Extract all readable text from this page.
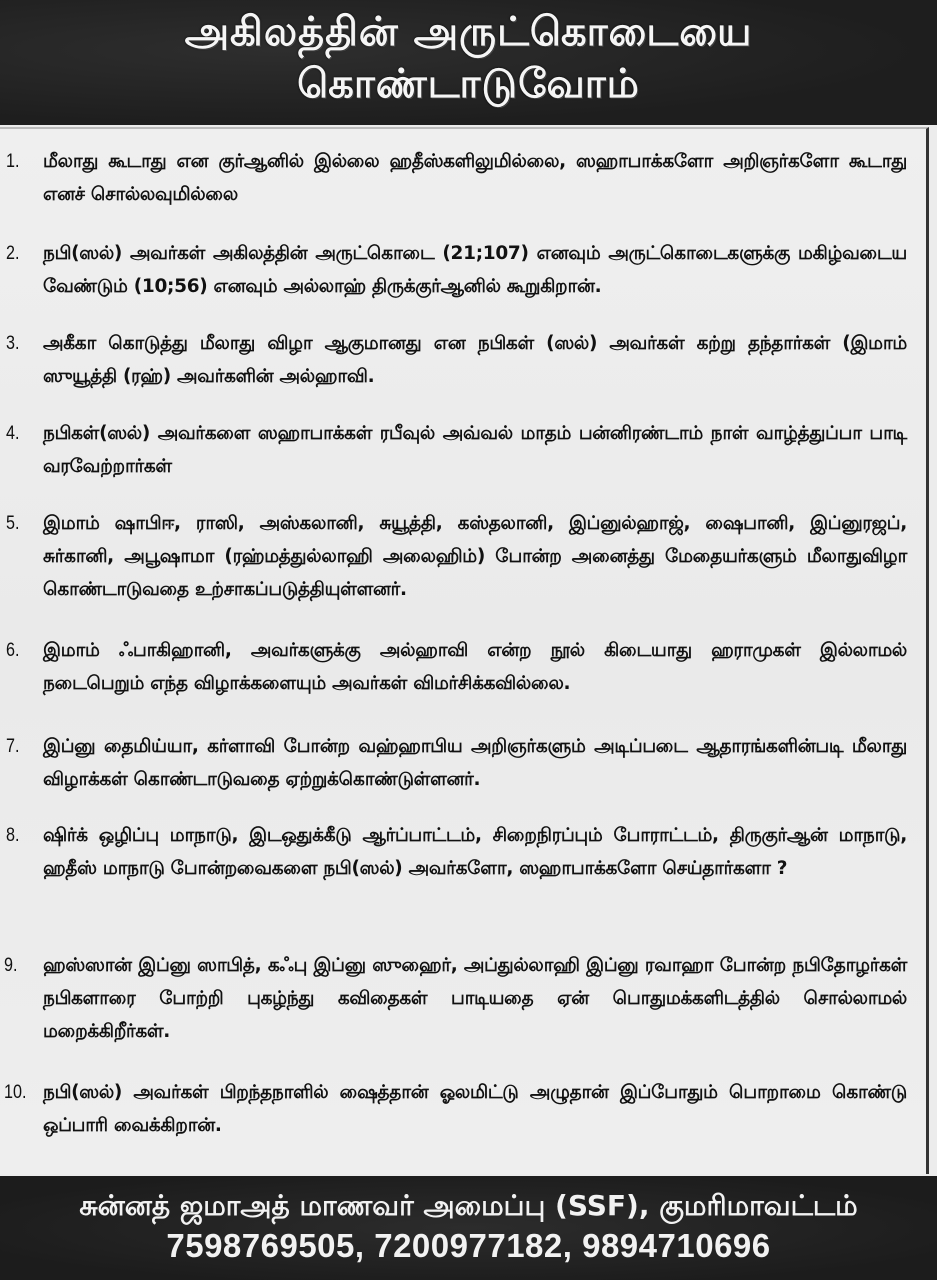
அகிலத்தின் அருட்கொடையை
கொண்டாடுவோம்
1.	மீலாது கூடாது என குர்ஆனில் இல்லை ஹதீஸ்களிலுமில்லை, ஸஹாபாக்களோ அறிஞர்களோ கூடாது எனச் சொல்லவுமில்லை
2.	நபி(ஸல்) அவர்கள் அகிலத்தின் அருட்கொடை (21;107) எனவும் அருட்கொடைகளுக்கு மகிழ்வடைய வேண்டும் (10;56) எனவும் அல்லாஹ் திருக்குர்ஆனில் கூறுகிறான்.
3.	அகீகா கொடுத்து மீலாது விழா ஆகுமானது என நபிகள் (ஸல்) அவர்கள் கற்று தந்தார்கள் (இமாம் ஸுயூத்தி (ரஹ்) அவர்களின் அல்ஹாவி.
4.	நபிகள்(ஸல்) அவர்களை ஸஹாபாக்கள் ரபீவுல் அவ்வல் மாதம் பன்னிரண்டாம் நாள் வாழ்த்துப்பா பாடி வரவேற்றார்கள்
5.	இமாம் ஷாபிஈ, ராஸி, அஸ்கலானி, சுயூத்தி, கஸ்தலானி, இப்னுல்ஹாஜ், ஷைபானி, இப்னுரஜப், சுர்கானி, அபூஷாமா (ரஹ்மத்துல்லாஹி அலைஹிம்) போன்ற அனைத்து மேதையர்களும் மீலாதுவிழா கொண்டாடுவதை உற்சாகப்படுத்தியுள்ளனர்.
6.	இமாம் ஃபாகிஹானி, அவர்களுக்கு அல்ஹாவி என்ற நூல் கிடையாது ஹராமுகள் இல்லாமல் நடைபெறும் எந்த விழாக்களையும் அவர்கள் விமர்சிக்கவில்லை.
7.	இப்னு தைமிய்யா, கர்ளாவி போன்ற வஹ்ஹாபிய அறிஞர்களும் அடிப்படை ஆதாரங்களின்படி மீலாது விழாக்கள் கொண்டாடுவதை ஏற்றுக்கொண்டுள்ளனர்.
8.	ஷிர்க் ஒழிப்பு மாநாடு, இடஒதுக்கீடு ஆர்ப்பாட்டம், சிறைநிரப்பும் போராட்டம், திருகுர்ஆன் மாநாடு, ஹதீஸ் மாநாடு போன்றவைகளை நபி(ஸல்) அவர்களோ, ஸஹாபாக்களோ செய்தார்களா ?
9.	ஹஸ்ஸான் இப்னு ஸாபித், கஃபு இப்னு ஸுஹைர், அப்துல்லாஹி இப்னு ரவாஹா போன்ற நபிதோழர்கள் நபிகளாரை போற்றி புகழ்ந்து கவிதைகள் பாடியதை ஏன் பொதுமக்களிடத்தில் சொல்லாமல் மறைக்கிறீர்கள்.
10. நபி(ஸல்) அவர்கள் பிறந்தநாளில் ஷைத்தான் ஓலமிட்டு அழுதான் இப்போதும் பொறாமை கொண்டு ஒப்பாரி வைக்கிறான்.
சுன்னத் ஜமாஅத் மாணவர் அமைப்பு (SSF), குமரிமாவட்டம்
7598769505, 7200977182, 9894710696
